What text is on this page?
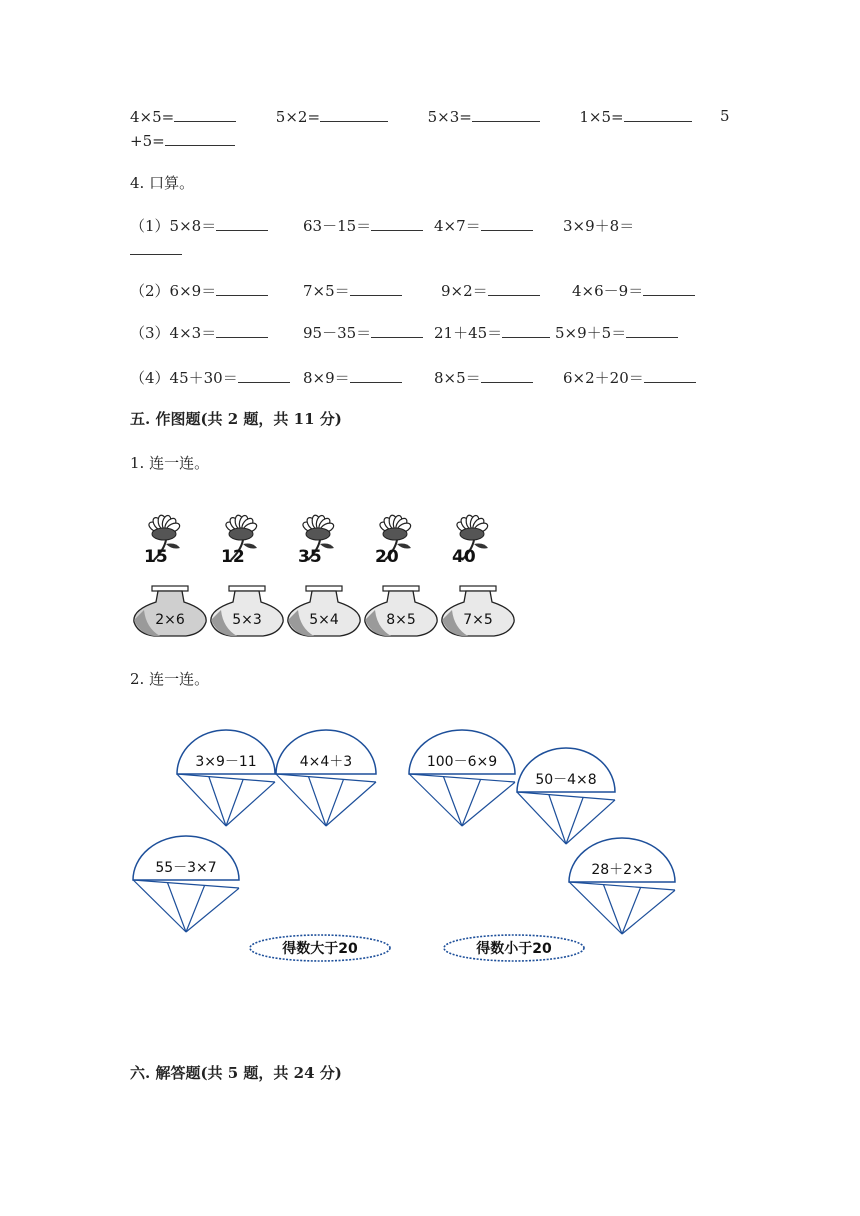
4×5=	5×2=	5×3=	1×5=	5
+5=
4. 口算。
（1）5×8＝	63－15＝	4×7＝	3×9＋8＝
（2）6×9＝	7×5＝	9×2＝	4×6－9＝
（3）4×3＝	95－35＝	21＋45＝	5×9＋5＝
（4）45＋30＝	8×9＝	8×5＝	6×2＋20＝
五. 作图题(共 2 题，共 11 分)
1. 连一连。
15	12	35	20	40
2×6	5×3	5×4	8×5	7×5
2. 连一连。
3×9－11	4×4＋3	100－6×9
50－4×8
55－3×7	28＋2×3
得数大于20	得数小于20
六. 解答题(共 5 题，共 24 分)
